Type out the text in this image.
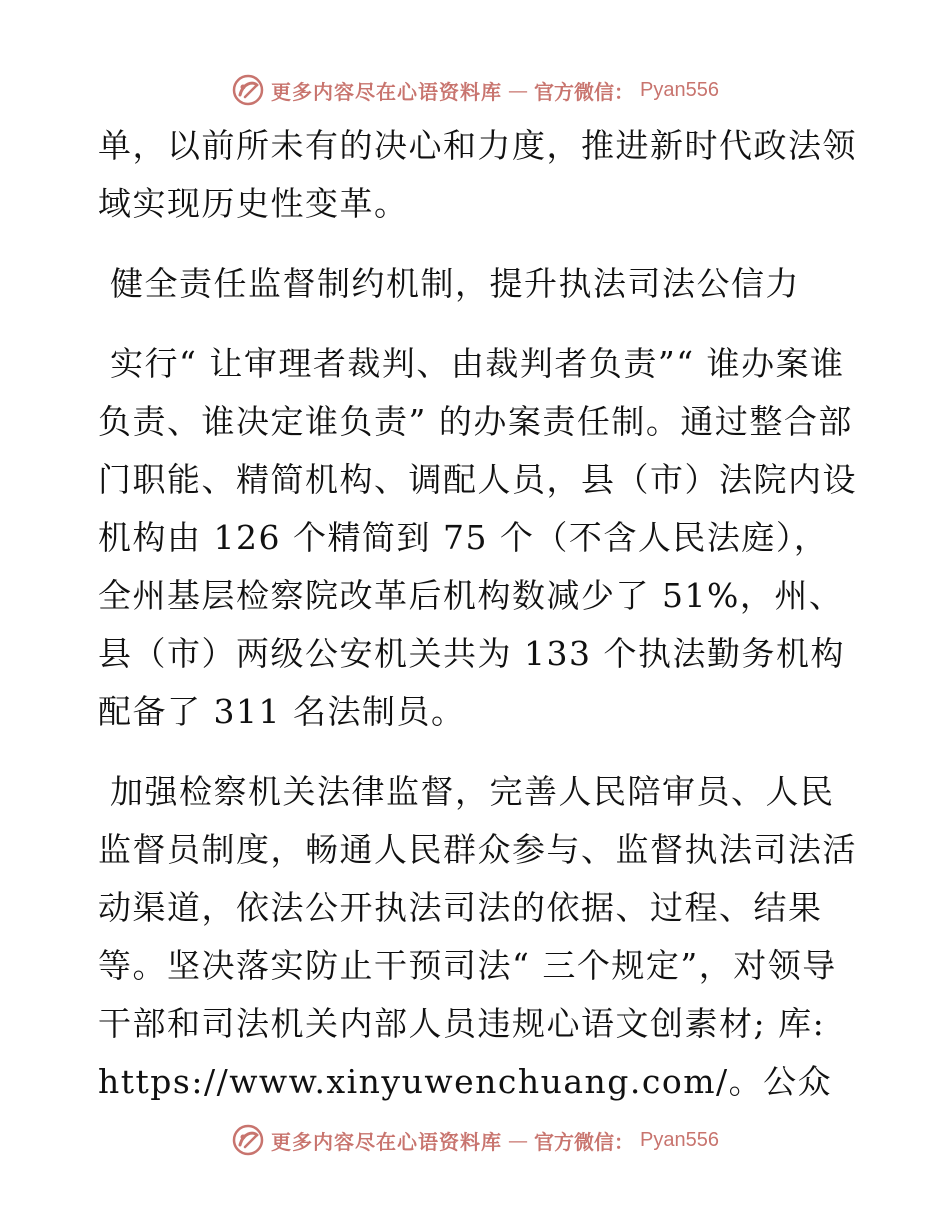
更多内容尽在心语资料库 — 官方微信： Pyan556

单，以前所未有的决心和力度，推进新时代政法领域实现历史性变革。

健全责任监督制约机制，提升执法司法公信力

实行“ 让审理者裁判、由裁判者负责”“ 谁办案谁负责、谁决定谁负责” 的办案责任制。通过整合部门职能、精简机构、调配人员，县（市）法院内设机构由 126 个精简到 75 个（不含人民法庭），全州基层检察院改革后机构数减少了 51%，州、县（市）两级公安机关共为 133 个执法勤务机构配备了 311 名法制员。

加强检察机关法律监督，完善人民陪审员、人民监督员制度，畅通人民群众参与、监督执法司法活动渠道，依法公开执法司法的依据、过程、结果等。坚决落实防止干预司法“ 三个规定”，对领导干部和司法机关内部人员违规心语文创素材; 库: https://www.xinyuwenchuang.com/。公众

更多内容尽在心语资料库 — 官方微信： Pyan556
